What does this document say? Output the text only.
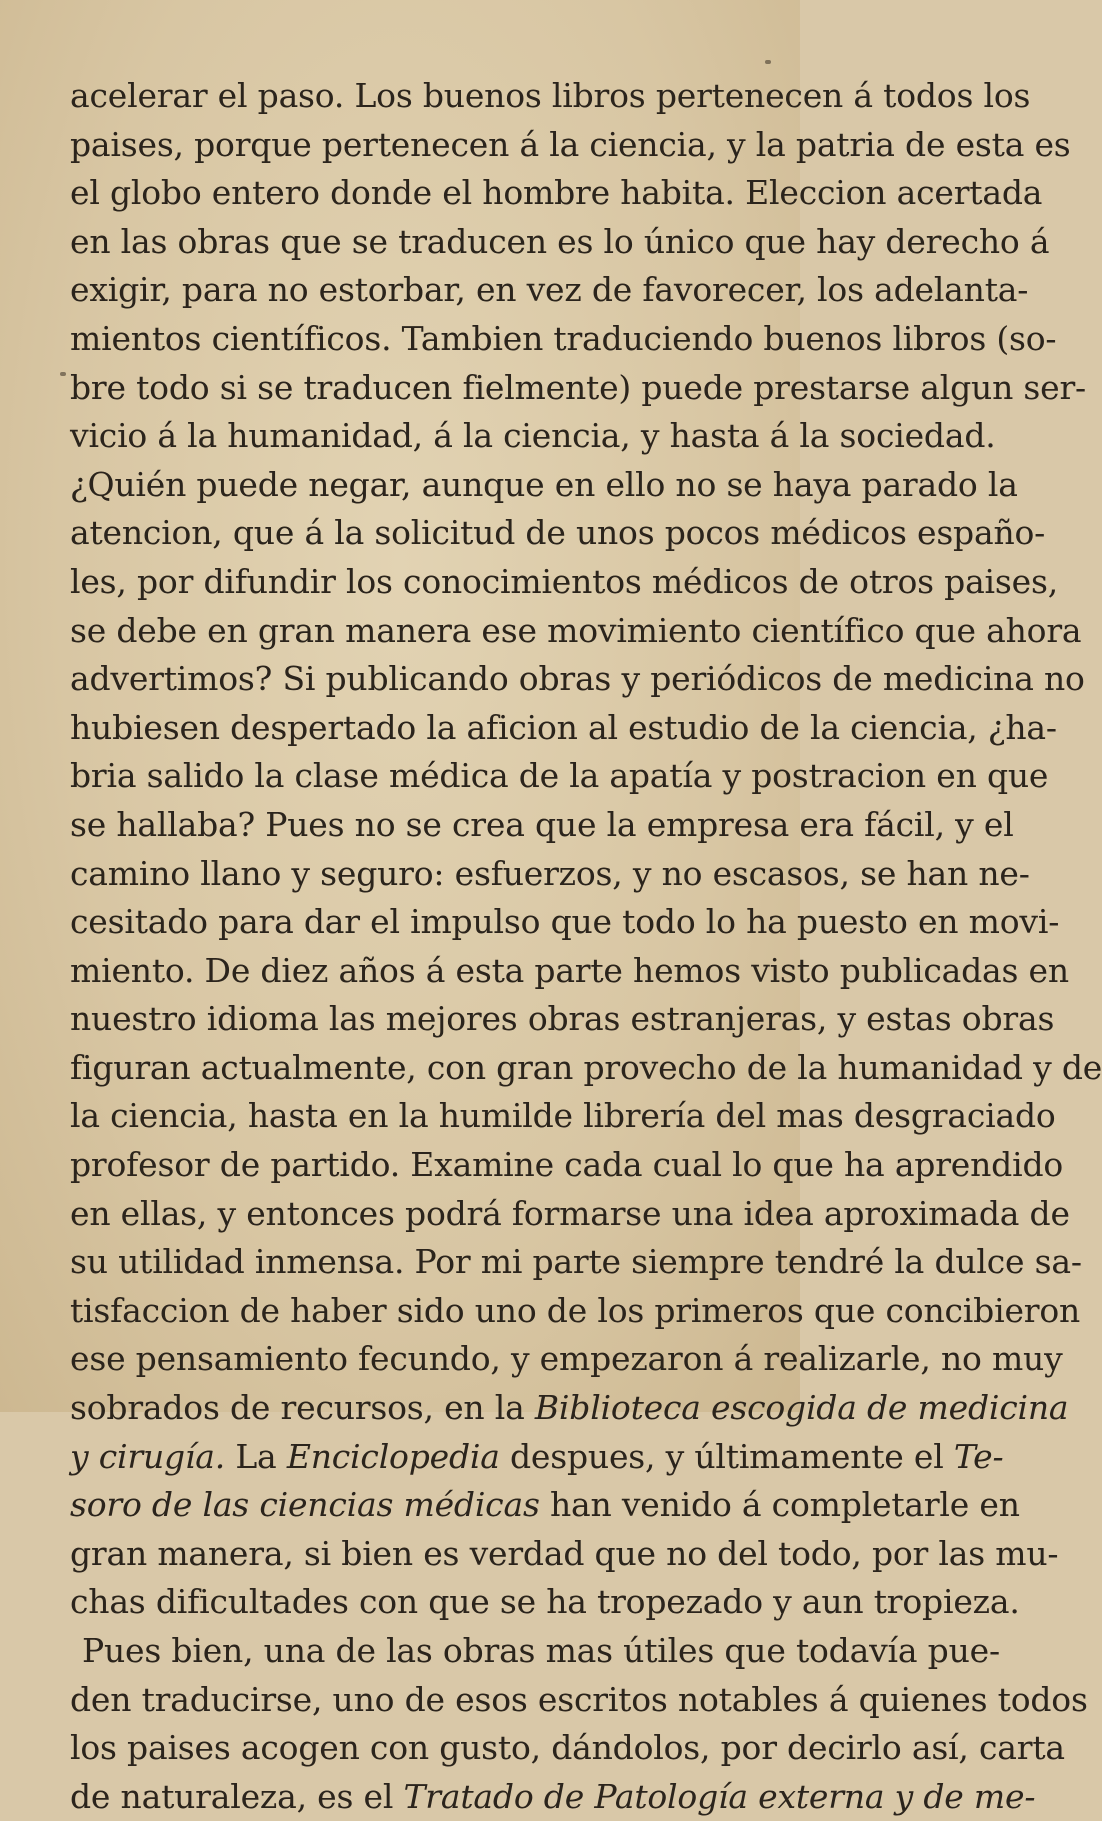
acelerar el paso. Los buenos libros pertenecen á todos los
paises, porque pertenecen á la ciencia, y la patria de esta es
el globo entero donde el hombre habita. Eleccion acertada
en las obras que se traducen es lo único que hay derecho á
exigir, para no estorbar, en vez de favorecer, los adelanta-
mientos científicos. Tambien traduciendo buenos libros (so-
bre todo si se traducen fielmente) puede prestarse algun ser-
vicio á la humanidad, á la ciencia, y hasta á la sociedad.
¿Quién puede negar, aunque en ello no se haya parado la
atencion, que á la solicitud de unos pocos médicos españo-
les, por difundir los conocimientos médicos de otros paises,
se debe en gran manera ese movimiento científico que ahora
advertimos? Si publicando obras y periódicos de medicina no
hubiesen despertado la aficion al estudio de la ciencia, ¿ha-
bria salido la clase médica de la apatía y postracion en que
se hallaba? Pues no se crea que la empresa era fácil, y el
camino llano y seguro: esfuerzos, y no escasos, se han ne-
cesitado para dar el impulso que todo lo ha puesto en movi-
miento. De diez años á esta parte hemos visto publicadas en
nuestro idioma las mejores obras estranjeras, y estas obras
figuran actualmente, con gran provecho de la humanidad y de
la ciencia, hasta en la humilde librería del mas desgraciado
profesor de partido. Examine cada cual lo que ha aprendido
en ellas, y entonces podrá formarse una idea aproximada de
su utilidad inmensa. Por mi parte siempre tendré la dulce sa-
tisfaccion de haber sido uno de los primeros que concibieron
ese pensamiento fecundo, y empezaron á realizarle, no muy
sobrados de recursos, en la Biblioteca escogida de medicina
y cirugía. La Enciclopedia despues, y últimamente el Te-
soro de las ciencias médicas han venido á completarle en
gran manera, si bien es verdad que no del todo, por las mu-
chas dificultades con que se ha tropezado y aun tropieza.
Pues bien, una de las obras mas útiles que todavía pue-
den traducirse, uno de esos escritos notables á quienes todos
los paises acogen con gusto, dándolos, por decirlo así, carta
de naturaleza, es el Tratado de Patología externa y de me-
